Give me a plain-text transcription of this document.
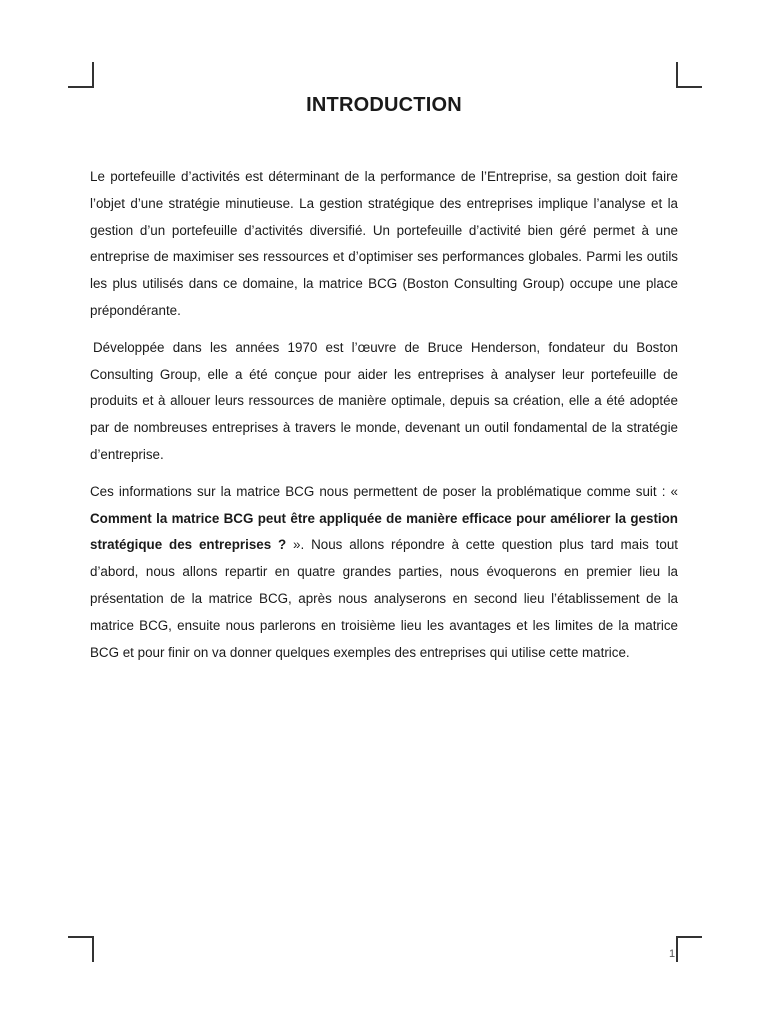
INTRODUCTION

Le portefeuille d’activités est déterminant de la performance de l’Entreprise, sa gestion doit faire l’objet d’une stratégie minutieuse. La gestion stratégique des entreprises implique l’analyse et la gestion d’un portefeuille d’activités diversifié. Un portefeuille d’activité bien géré permet à une entreprise de maximiser ses ressources et d’optimiser ses performances globales. Parmi les outils les plus utilisés dans ce domaine, la matrice BCG (Boston Consulting Group) occupe une place prépondérante.

Développée dans les années 1970 est l’œuvre de Bruce Henderson, fondateur du Boston Consulting Group, elle a été conçue pour aider les entreprises à analyser leur portefeuille de produits et à allouer leurs ressources de manière optimale, depuis sa création, elle a été adoptée par de nombreuses entreprises à travers le monde, devenant un outil fondamental de la stratégie d’entreprise.

Ces informations sur la matrice BCG nous permettent de poser la problématique comme suit : « Comment la matrice BCG peut être appliquée de manière efficace pour améliorer la gestion stratégique des entreprises ? ». Nous allons répondre à cette question plus tard mais tout d’abord, nous allons repartir en quatre grandes parties, nous évoquerons en premier lieu la présentation de la matrice BCG, après nous analyserons en second lieu l’établissement de la matrice BCG, ensuite nous parlerons en troisième lieu les avantages et les limites de la matrice BCG et pour finir on va donner quelques exemples des entreprises qui utilise cette matrice.

1
